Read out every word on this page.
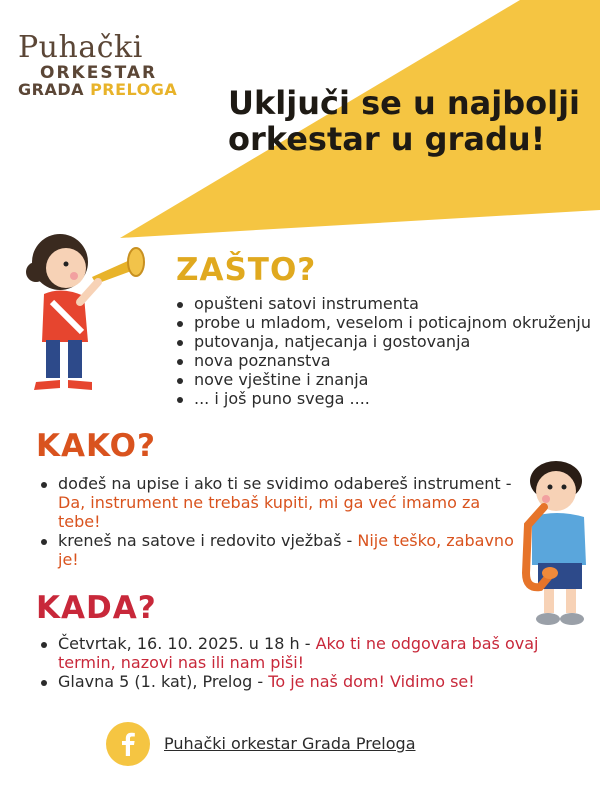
Puhački
ORKESTAR
GRADA PRELOGA Uključi se u najbolji orkestar u gradu!
ZAŠTO?
opušteni satovi instrumenta
probe u mladom, veselom i poticajnom okruženju
putovanja, natjecanja i gostovanja
nova poznanstva
nove vještine i znanja
... i još puno svega ....
KAKO?
dođeš na upise i ako ti se svidimo odabereš instrument - Da, instrument ne trebaš kupiti, mi ga već imamo za tebe!
kreneš na satove i redovito vježbaš - Nije teško, zabavno je!
KADA?
Četvrtak, 16. 10. 2025. u 18 h - Ako ti ne odgovara baš ovaj termin, nazovi nas ili nam piši!
Glavna 5 (1. kat), Prelog - To je naš dom! Vidimo se!
Puhački orkestar Grada Preloga
